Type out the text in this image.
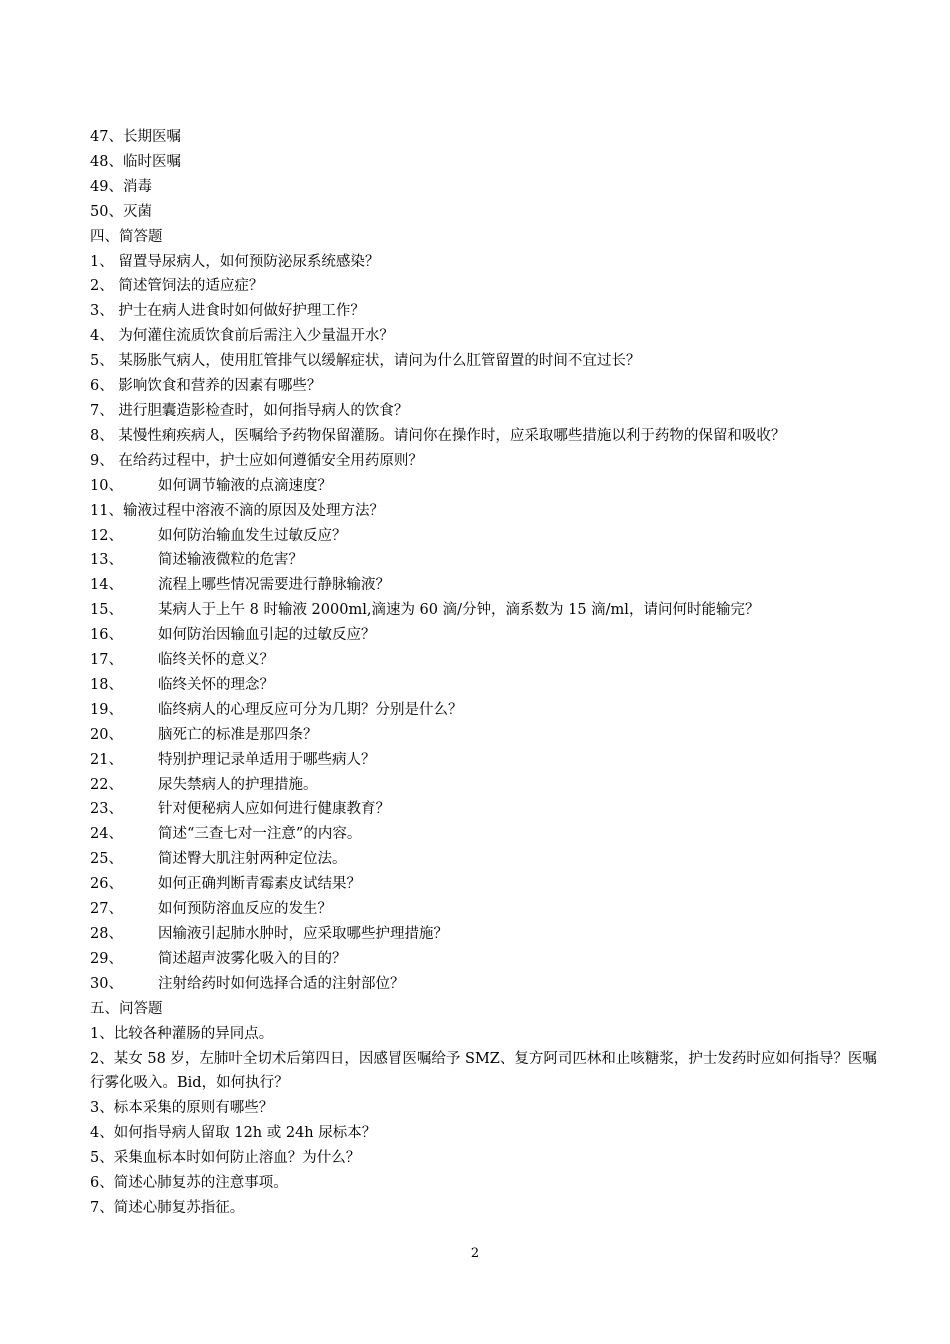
47、长期医嘱
48、临时医嘱
49、消毒
50、灭菌
四、简答题
1、 留置导尿病人，如何预防泌尿系统感染？
2、 简述管饲法的适应症？
3、 护士在病人进食时如何做好护理工作？
4、 为何灌住流质饮食前后需注入少量温开水？
5、 某肠胀气病人，使用肛管排气以缓解症状，请问为什么肛管留置的时间不宜过长？
6、 影响饮食和营养的因素有哪些？
7、 进行胆囊造影检查时，如何指导病人的饮食？
8、 某慢性痢疾病人，医嘱给予药物保留灌肠。请问你在操作时，应采取哪些措施以利于药物的保留和吸收？
9、 在给药过程中，护士应如何遵循安全用药原则？
10、 如何调节输液的点滴速度？
11、输液过程中溶液不滴的原因及处理方法？
12、 如何防治输血发生过敏反应？
13、 简述输液微粒的危害？
14、 流程上哪些情况需要进行静脉输液？
15、 某病人于上午 8 时输液 2000ml,滴速为 60 滴/分钟，滴系数为 15 滴/ml，请问何时能输完？
16、 如何防治因输血引起的过敏反应？
17、 临终关怀的意义？
18、 临终关怀的理念？
19、 临终病人的心理反应可分为几期？分别是什么？
20、 脑死亡的标准是那四条？
21、 特别护理记录单适用于哪些病人？
22、 尿失禁病人的护理措施。
23、 针对便秘病人应如何进行健康教育？
24、 简述“三查七对一注意”的内容。
25、 简述臀大肌注射两种定位法。
26、 如何正确判断青霉素皮试结果？
27、 如何预防溶血反应的发生？
28、 因输液引起肺水肿时，应采取哪些护理措施？
29、 简述超声波雾化吸入的目的？
30、 注射给药时如何选择合适的注射部位？
五、问答题
1、比较各种灌肠的异同点。
2、某女 58 岁，左肺叶全切术后第四日，因感冒医嘱给予 SMZ、复方阿司匹林和止咳糖浆，护士发药时应如何指导？医嘱行雾化吸入。Bid，如何执行？
3、标本采集的原则有哪些？
4、如何指导病人留取 12h 或 24h 尿标本？
5、采集血标本时如何防止溶血？为什么？
6、简述心肺复苏的注意事项。
7、简述心肺复苏指征。
2
